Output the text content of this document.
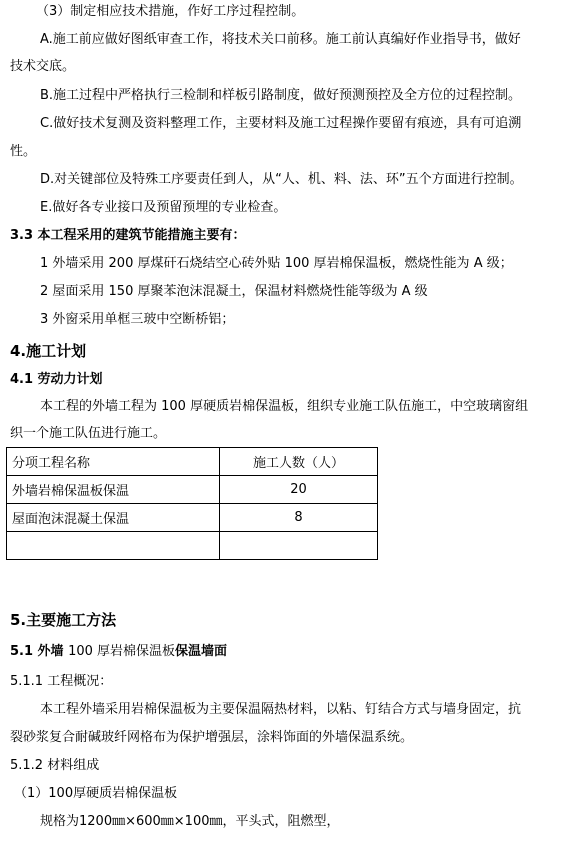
（3）制定相应技术措施，作好工序过程控制。
A.施工前应做好图纸审查工作，将技术关口前移。施工前认真编好作业指导书，做好
技术交底。
B.施工过程中严格执行三检制和样板引路制度，做好预测预控及全方位的过程控制。
C.做好技术复测及资料整理工作，主要材料及施工过程操作要留有痕迹，具有可追溯
性。
D.对关键部位及特殊工序要责任到人，从“人、机、料、法、环”五个方面进行控制。
E.做好各专业接口及预留预埋的专业检查。
3.3 本工程采用的建筑节能措施主要有：
1 外墙采用 200 厚煤矸石烧结空心砖外贴 100 厚岩棉保温板，燃烧性能为 A 级；
2 屋面采用 150 厚聚苯泡沫混凝土，保温材料燃烧性能等级为 A 级
3 外窗采用单框三玻中空断桥铝；
4.施工计划
4.1 劳动力计划
本工程的外墙工程为 100 厚硬质岩棉保温板，组织专业施工队伍施工，中空玻璃窗组
织一个施工队伍进行施工。
分项工程名称	施工人数（人）
外墙岩棉保温板保温	20
屋面泡沫混凝土保温	8

5.主要施工方法
5.1 外墙 100 厚岩棉保温板保温墙面
5.1.1 工程概况：
本工程外墙采用岩棉保温板为主要保温隔热材料，以粘、钉结合方式与墙身固定，抗
裂砂浆复合耐碱玻纤网格布为保护增强层，涂料饰面的外墙保温系统。
5.1.2 材料组成
（1）100厚硬质岩棉保温板
规格为1200㎜×600㎜×100㎜，平头式，阻燃型，
